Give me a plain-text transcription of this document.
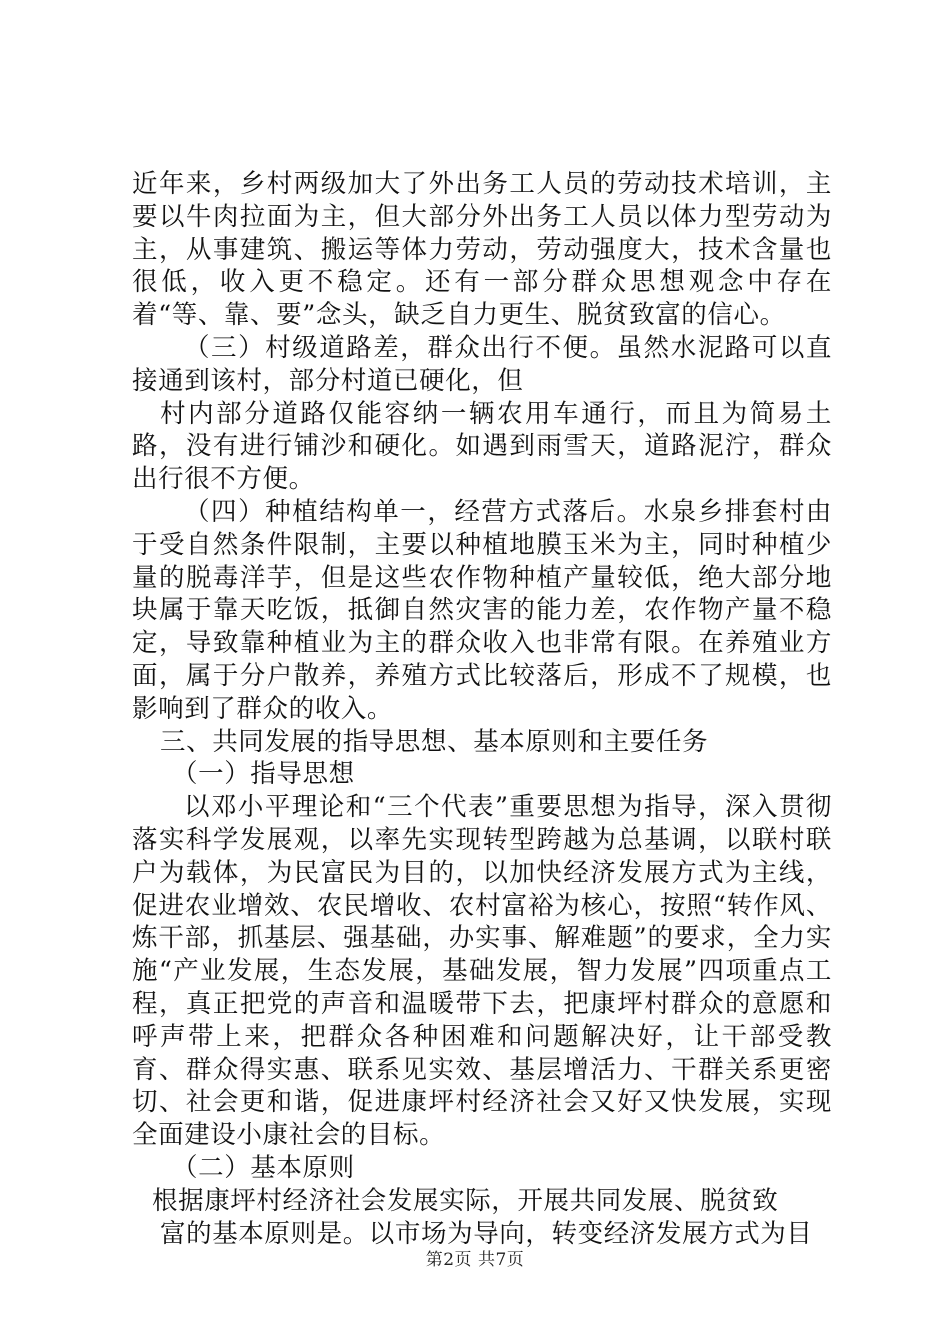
近年来，乡村两级加大了外出务工人员的劳动技术培训，主要以牛肉拉面为主，但大部分外出务工人员以体力型劳动为主，从事建筑、搬运等体力劳动，劳动强度大，技术含量也很低，收入更不稳定。还有一部分群众思想观念中存在着“等、靠、要”念头，缺乏自力更生、脱贫致富的信心。

（三）村级道路差，群众出行不便。虽然水泥路可以直接通到该村，部分村道已硬化，但

村内部分道路仅能容纳一辆农用车通行，而且为简易土路，没有进行铺沙和硬化。如遇到雨雪天，道路泥泞，群众出行很不方便。

（四）种植结构单一，经营方式落后。水泉乡排套村由于受自然条件限制，主要以种植地膜玉米为主，同时种植少量的脱毒洋芋，但是这些农作物种植产量较低，绝大部分地块属于靠天吃饭，抵御自然灾害的能力差，农作物产量不稳定，导致靠种植业为主的群众收入也非常有限。在养殖业方面，属于分户散养，养殖方式比较落后，形成不了规模，也影响到了群众的收入。

三、共同发展的指导思想、基本原则和主要任务

（一）指导思想

以邓小平理论和“三个代表”重要思想为指导，深入贯彻落实科学发展观，以率先实现转型跨越为总基调，以联村联户为载体，为民富民为目的，以加快经济发展方式为主线，促进农业增效、农民增收、农村富裕为核心，按照“转作风、炼干部，抓基层、强基础，办实事、解难题”的要求，全力实施“产业发展，生态发展，基础发展，智力发展”四项重点工程，真正把党的声音和温暖带下去，把康坪村群众的意愿和呼声带上来，把群众各种困难和问题解决好，让干部受教育、群众得实惠、联系见实效、基层增活力、干群关系更密切、社会更和谐，促进康坪村经济社会又好又快发展，实现全面建设小康社会的目标。

（二）基本原则

根据康坪村经济社会发展实际，开展共同发展、脱贫致

富的基本原则是。以市场为导向，转变经济发展方式为目

第2页 共7页
